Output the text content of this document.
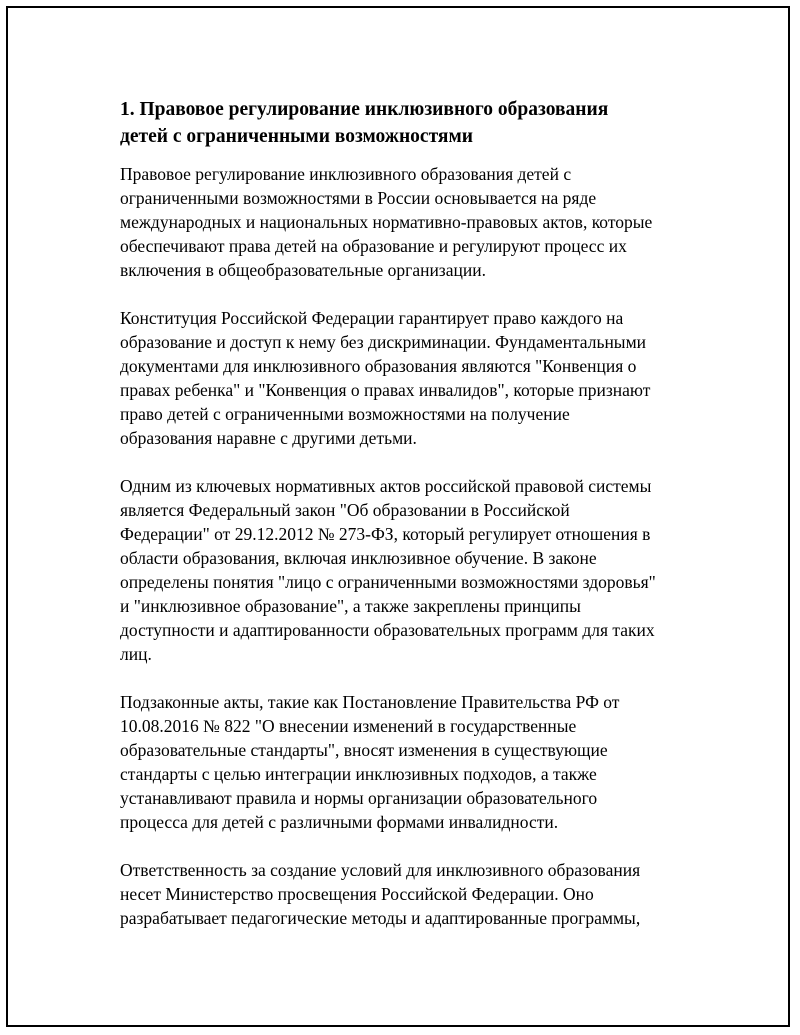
1. Правовое регулирование инклюзивного образования
детей с ограниченными возможностями

Правовое регулирование инклюзивного образования детей с
ограниченными возможностями в России основывается на ряде
международных и национальных нормативно-правовых актов, которые
обеспечивают права детей на образование и регулируют процесс их
включения в общеобразовательные организации.

Конституция Российской Федерации гарантирует право каждого на
образование и доступ к нему без дискриминации. Фундаментальными
документами для инклюзивного образования являются "Конвенция о
правах ребенка" и "Конвенция о правах инвалидов", которые признают
право детей с ограниченными возможностями на получение
образования наравне с другими детьми.

Одним из ключевых нормативных актов российской правовой системы
является Федеральный закон "Об образовании в Российской
Федерации" от 29.12.2012 № 273-ФЗ, который регулирует отношения в
области образования, включая инклюзивное обучение. В законе
определены понятия "лицо с ограниченными возможностями здоровья"
и "инклюзивное образование", а также закреплены принципы
доступности и адаптированности образовательных программ для таких
лиц.

Подзаконные акты, такие как Постановление Правительства РФ от
10.08.2016 № 822 "О внесении изменений в государственные
образовательные стандарты", вносят изменения в существующие
стандарты с целью интеграции инклюзивных подходов, а также
устанавливают правила и нормы организации образовательного
процесса для детей с различными формами инвалидности.

Ответственность за создание условий для инклюзивного образования
несет Министерство просвещения Российской Федерации. Оно
разрабатывает педагогические методы и адаптированные программы,
